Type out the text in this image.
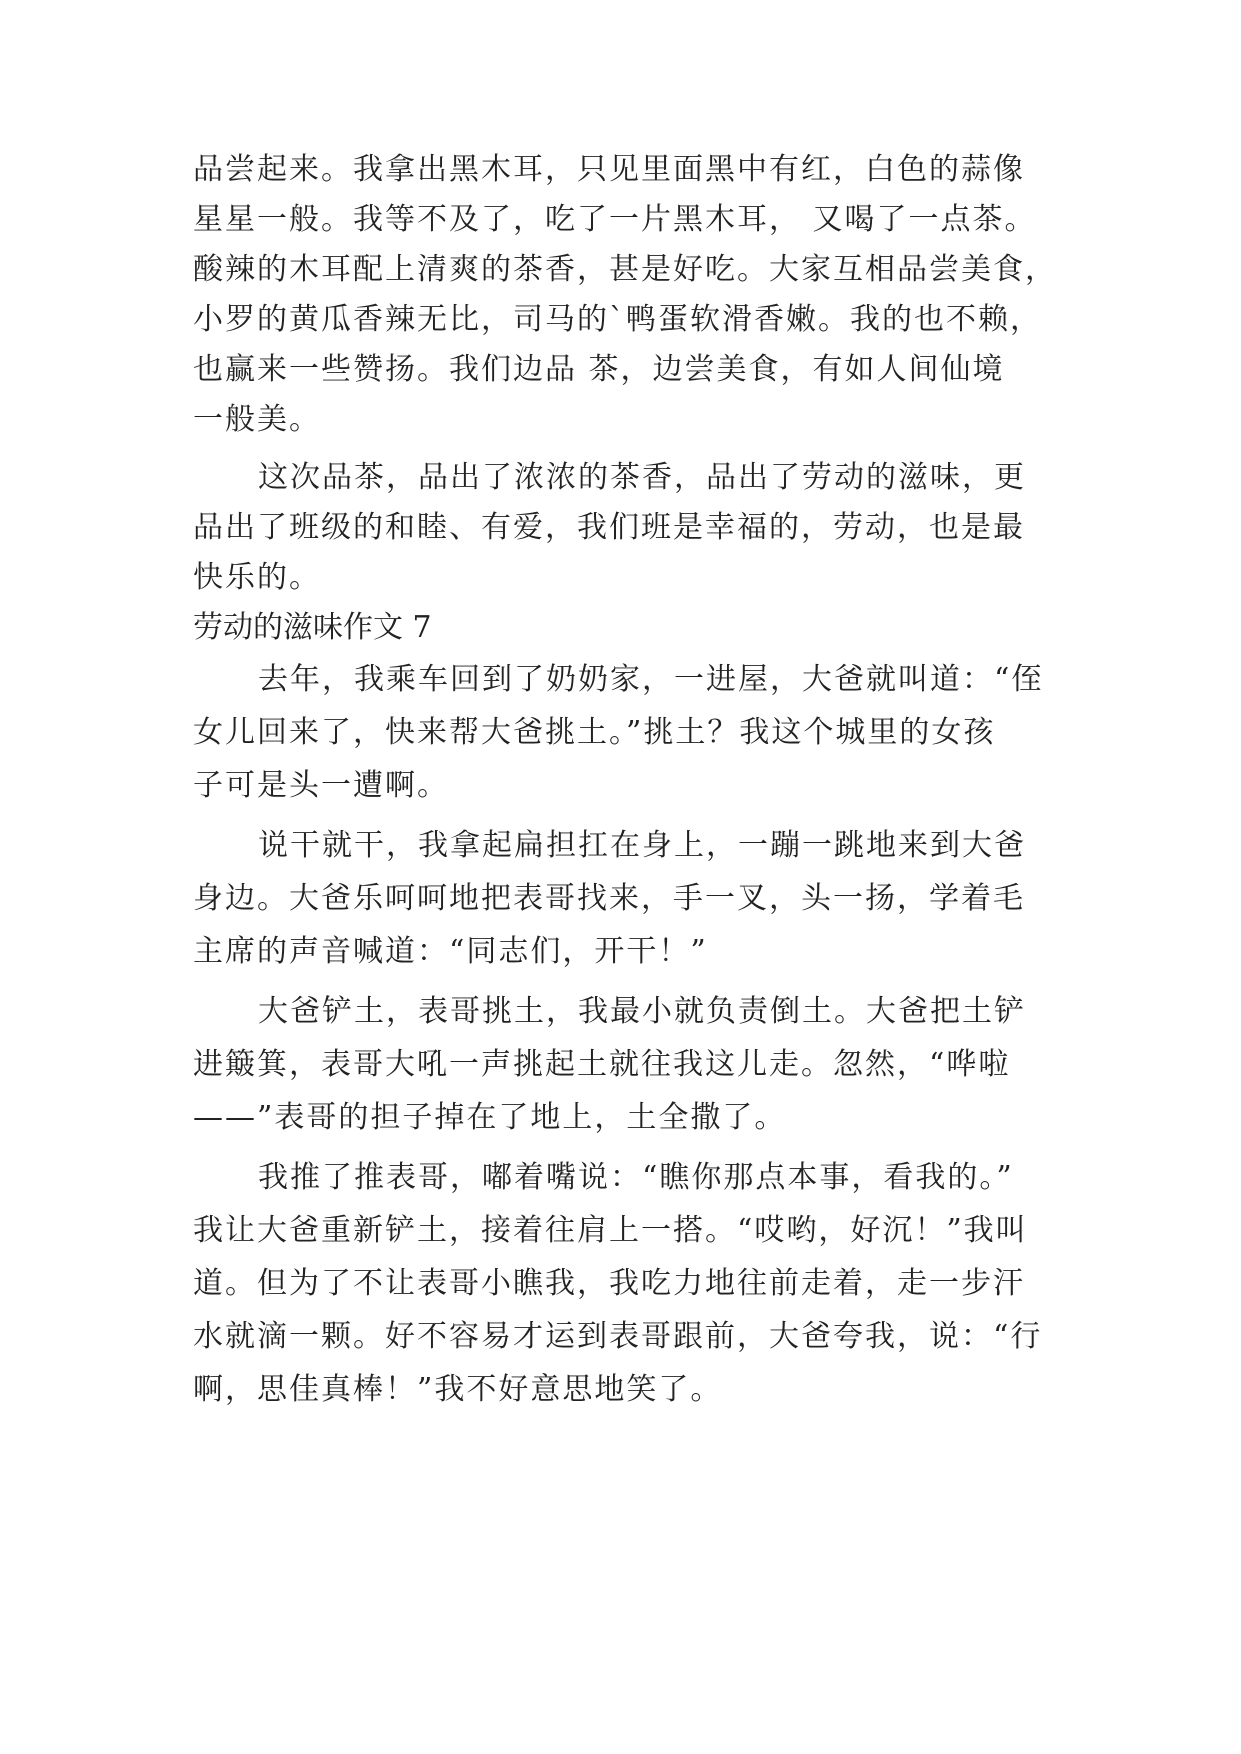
品尝起来。我拿出黑木耳，只见里面黑中有红，白色的蒜像
星星一般。我等不及了，吃了一片黑木耳， 又喝了一点茶。
酸辣的木耳配上清爽的茶香，甚是好吃。大家互相品尝美食，
小罗的黄瓜香辣无比，司马的`鸭蛋软滑香嫩。我的也不赖，
也赢来一些赞扬。我们边品 茶，边尝美食，有如人间仙境
一般美。
这次品茶，品出了浓浓的茶香，品出了劳动的滋味，更
品出了班级的和睦、有爱，我们班是幸福的，劳动，也是最
快乐的。
劳动的滋味作文 7
去年，我乘车回到了奶奶家，一进屋，大爸就叫道：“侄
女儿回来了，快来帮大爸挑土。”挑土？我这个城里的女孩
子可是头一遭啊。
说干就干，我拿起扁担扛在身上，一蹦一跳地来到大爸
身边。大爸乐呵呵地把表哥找来，手一叉，头一扬，学着毛
主席的声音喊道：“同志们，开干！”
大爸铲土，表哥挑土，我最小就负责倒土。大爸把土铲
进簸箕，表哥大吼一声挑起土就往我这儿走。忽然，“哗啦
——”表哥的担子掉在了地上，土全撒了。
我推了推表哥，嘟着嘴说：“瞧你那点本事，看我的。”
我让大爸重新铲土，接着往肩上一搭。“哎哟，好沉！”我叫
道。但为了不让表哥小瞧我，我吃力地往前走着，走一步汗
水就滴一颗。好不容易才运到表哥跟前，大爸夸我，说：“行
啊，思佳真棒！”我不好意思地笑了。
